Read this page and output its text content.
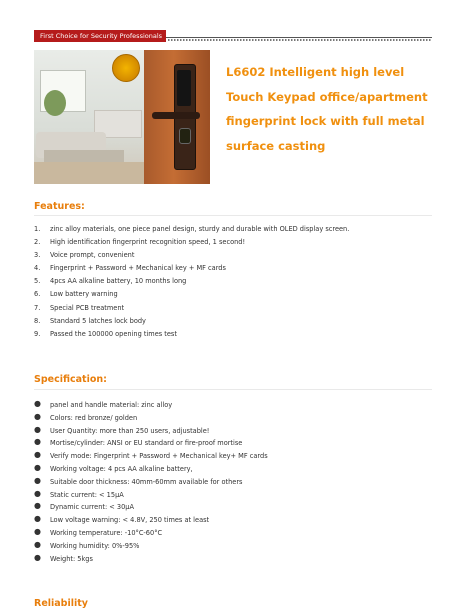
First Choice for Security Professionals
L6602 Intelligent high level
Touch Keypad office/apartment
fingerprint lock with full metal
surface casting
Features:
1. zinc alloy materials, one piece panel design, sturdy and durable with OLED display screen.
2. High identification fingerprint recognition speed, 1 second!
3. Voice prompt, convenient
4. Fingerprint + Password + Mechanical key + MF cards
5. 4pcs AA alkaline battery, 10 months long
6. Low battery warning
7. Special PCB treatment
8. Standard 5 latches lock body
9. Passed the 100000 opening times test
Specification:
● panel and handle material: zinc alloy
● Colors: red bronze/ golden
● User Quantity: more than 250 users, adjustable!
● Mortise/cylinder: ANSI or EU standard or fire-proof mortise
● Verify mode: Fingerprint + Password + Mechanical key+ MF cards
● Working voltage: 4 pcs AA alkaline battery,
● Suitable door thickness: 40mm-60mm available for others
● Static current: < 15μA
● Dynamic current: < 30μA
● Low voltage warning: < 4.8V, 250 times at least
● Working temperature: -10°C-60°C
● Working humidity: 0%-95%
● Weight: 5kgs
Reliability
